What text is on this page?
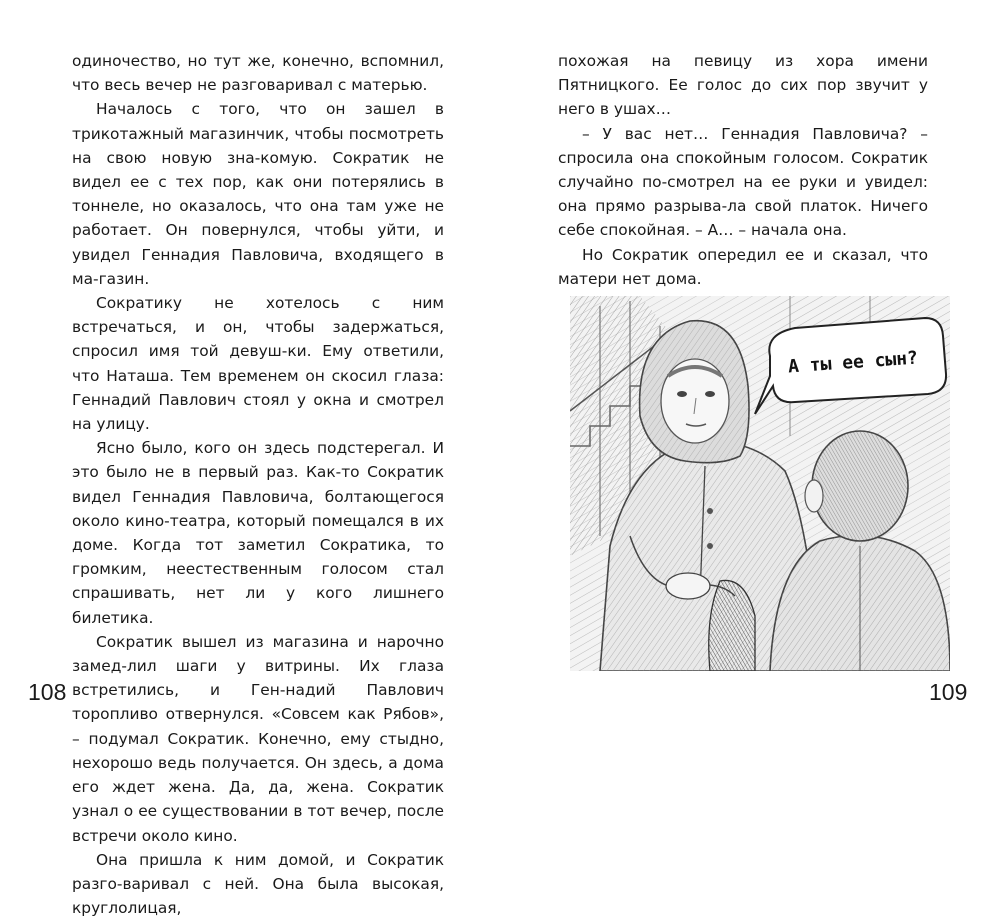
одиночество, но тут же, конечно, вспомнил, что весь вечер не разговаривал с матерью.

Началось с того, что он зашел в трикотажный магазинчик, чтобы посмотреть на свою новую зна-комую. Сократик не видел ее с тех пор, как они потерялись в тоннеле, но оказалось, что она там уже не работает. Он повернулся, чтобы уйти, и увидел Геннадия Павловича, входящего в ма-газин.

Сократику не хотелось с ним встречаться, и он, чтобы задержаться, спросил имя той девуш-ки. Ему ответили, что Наташа. Тем временем он скосил глаза: Геннадий Павлович стоял у окна и смотрел на улицу.

Ясно было, кого он здесь подстерегал. И это было не в первый раз. Как-то Сократик видел Геннадия Павловича, болтающегося около кино-театра, который помещался в их доме. Когда тот заметил Сократика, то громким, неестественным голосом стал спрашивать, нет ли у кого лишнего билетика.

Сократик вышел из магазина и нарочно замед-лил шаги у витрины. Их глаза встретились, и Ген-надий Павлович торопливо отвернулся. «Совсем как Рябов», – подумал Сократик. Конечно, ему стыдно, нехорошо ведь получается. Он здесь, а дома его ждет жена. Да, да, жена. Сократик узнал о ее существовании в тот вечер, после встречи около кино.

Она пришла к ним домой, и Сократик разго-варивал с ней. Она была высокая, круглолицая,

108

похожая на певицу из хора имени Пятницкого. Ее голос до сих пор звучит у него в ушах…

– У вас нет… Геннадия Павловича? – спросила она спокойным голосом. Сократик случайно по-смотрел на ее руки и увидел: она прямо разрыва-ла свой платок. Ничего себе спокойная. – А… – начала она.

Но Сократик опередил ее и сказал, что матери нет дома.

А ты ее сын?
109
